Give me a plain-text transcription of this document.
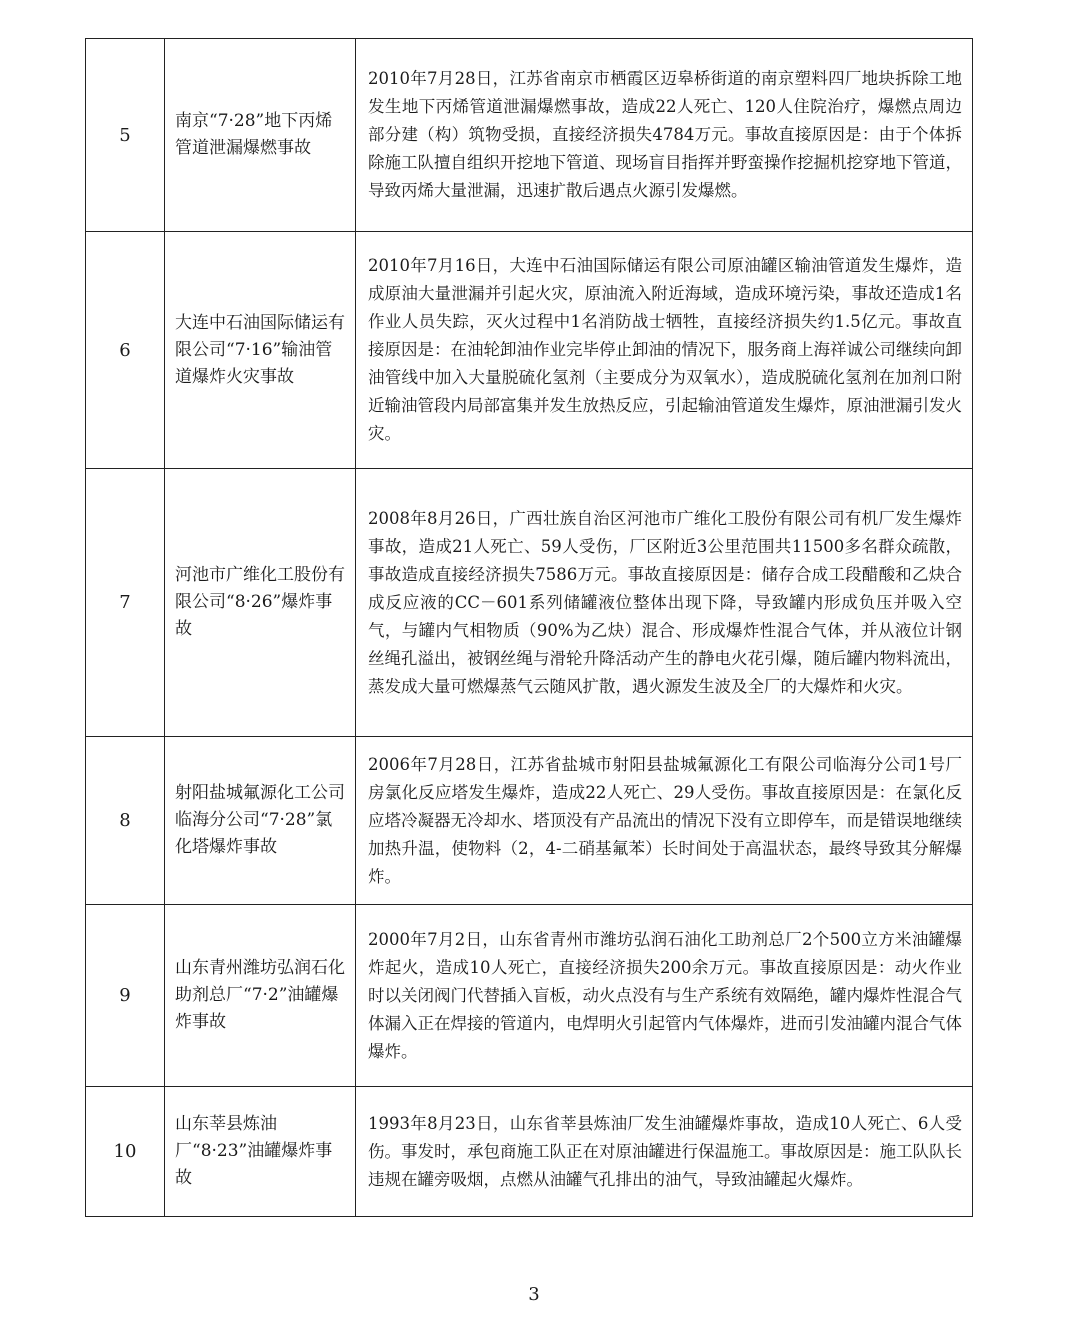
5	南京“7·28”地下丙烯管道泄漏爆燃事故	2010年7月28日，江苏省南京市栖霞区迈皋桥街道的南京塑料四厂地块拆除工地发生地下丙烯管道泄漏爆燃事故，造成22人死亡、120人住院治疗，爆燃点周边部分建（构）筑物受损，直接经济损失4784万元。事故直接原因是：由于个体拆除施工队擅自组织开挖地下管道、现场盲目指挥并野蛮操作挖掘机挖穿地下管道，导致丙烯大量泄漏，迅速扩散后遇点火源引发爆燃。
6	大连中石油国际储运有限公司“7·16”输油管道爆炸火灾事故	2010年7月16日，大连中石油国际储运有限公司原油罐区输油管道发生爆炸，造成原油大量泄漏并引起火灾，原油流入附近海域，造成环境污染，事故还造成1名作业人员失踪，灭火过程中1名消防战士牺牲，直接经济损失约1.5亿元。事故直接原因是：在油轮卸油作业完毕停止卸油的情况下，服务商上海祥诚公司继续向卸油管线中加入大量脱硫化氢剂（主要成分为双氧水），造成脱硫化氢剂在加剂口附近输油管段内局部富集并发生放热反应，引起输油管道发生爆炸，原油泄漏引发火灾。
7	河池市广维化工股份有限公司“8·26”爆炸事故	2008年8月26日，广西壮族自治区河池市广维化工股份有限公司有机厂发生爆炸事故，造成21人死亡、59人受伤，厂区附近3公里范围共11500多名群众疏散，事故造成直接经济损失7586万元。事故直接原因是：储存合成工段醋酸和乙炔合成反应液的CC－601系列储罐液位整体出现下降，导致罐内形成负压并吸入空气，与罐内气相物质（90%为乙炔）混合、形成爆炸性混合气体，并从液位计钢丝绳孔溢出，被钢丝绳与滑轮升降活动产生的静电火花引爆，随后罐内物料流出，蒸发成大量可燃爆蒸气云随风扩散，遇火源发生波及全厂的大爆炸和火灾。
8	射阳盐城氟源化工公司临海分公司“7·28”氯化塔爆炸事故	2006年7月28日，江苏省盐城市射阳县盐城氟源化工有限公司临海分公司1号厂房氯化反应塔发生爆炸，造成22人死亡、29人受伤。事故直接原因是：在氯化反应塔冷凝器无冷却水、塔顶没有产品流出的情况下没有立即停车，而是错误地继续加热升温，使物料（2，4-二硝基氟苯）长时间处于高温状态，最终导致其分解爆炸。
9	山东青州潍坊弘润石化助剂总厂“7·2”油罐爆炸事故	2000年7月2日，山东省青州市潍坊弘润石油化工助剂总厂2个500立方米油罐爆炸起火，造成10人死亡，直接经济损失200余万元。事故直接原因是：动火作业时以关闭阀门代替插入盲板，动火点没有与生产系统有效隔绝，罐内爆炸性混合气体漏入正在焊接的管道内，电焊明火引起管内气体爆炸，进而引发油罐内混合气体爆炸。
10	山东莘县炼油厂“8·23”油罐爆炸事故	1993年8月23日，山东省莘县炼油厂发生油罐爆炸事故，造成10人死亡、6人受伤。事发时，承包商施工队正在对原油罐进行保温施工。事故原因是：施工队队长违规在罐旁吸烟，点燃从油罐气孔排出的油气，导致油罐起火爆炸。
3
